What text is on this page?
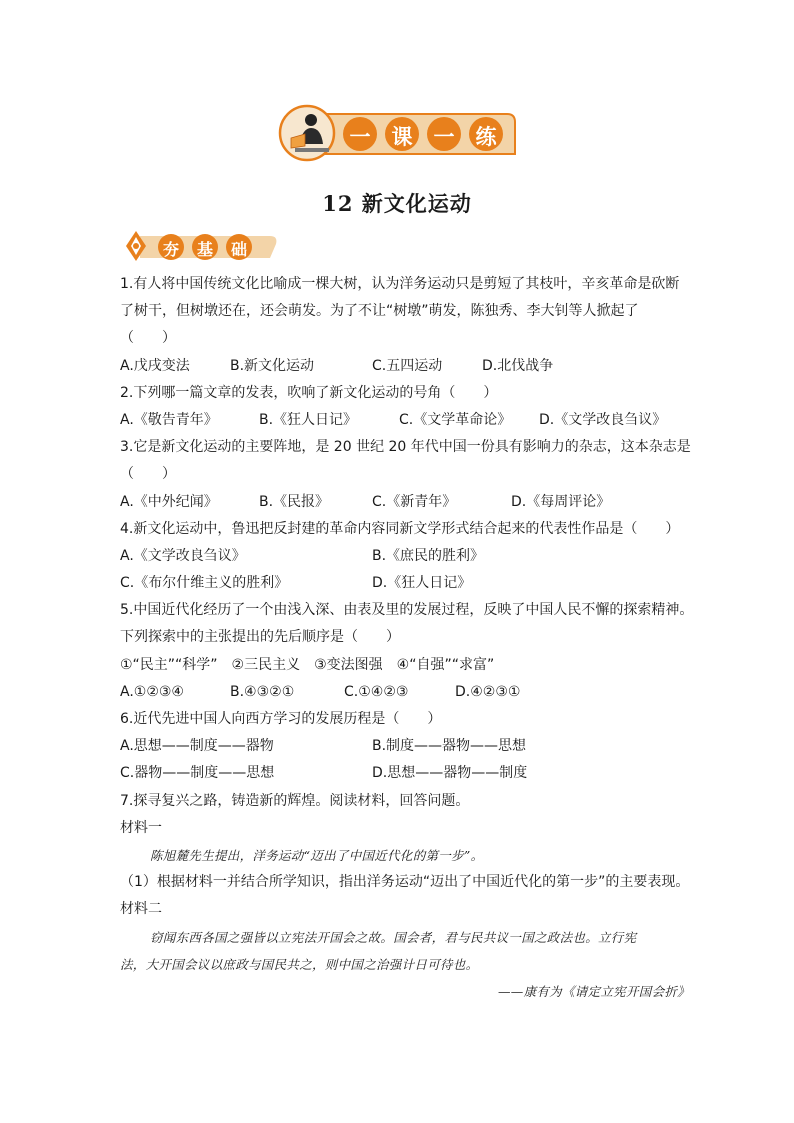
一 课 一 练
12 新文化运动
夯 基 础
1.有人将中国传统文化比喻成一棵大树，认为洋务运动只是剪短了其枝叶，辛亥革命是砍断
了树干，但树墩还在，还会萌发。为了不让“树墩”萌发，陈独秀、李大钊等人掀起了
（　　）
A.戊戌变法	B.新文化运动	C.五四运动	D.北伐战争
2.下列哪一篇文章的发表，吹响了新文化运动的号角（　　）
A.《敬告青年》	B.《狂人日记》	C.《文学革命论》 D.《文学改良刍议》
3.它是新文化运动的主要阵地，是 20 世纪 20 年代中国一份具有影响力的杂志，这本杂志是
（　　）
A.《中外纪闻》	B.《民报》	C.《新青年》	D.《每周评论》
4.新文化运动中，鲁迅把反封建的革命内容同新文学形式结合起来的代表性作品是（　　）
A.《文学改良刍议》	B.《庶民的胜利》
C.《布尔什维主义的胜利》	D.《狂人日记》
5.中国近代化经历了一个由浅入深、由表及里的发展过程，反映了中国人民不懈的探索精神。
下列探索中的主张提出的先后顺序是（　　）
①“民主”“科学”　②三民主义　③变法图强　④“自强”“求富”
A.①②③④	B.④③②①	C.①④②③	D.④②③①
6.近代先进中国人向西方学习的发展历程是（　　）
A.思想——制度——器物	B.制度——器物——思想
C.器物——制度——思想	D.思想——器物——制度
7.探寻复兴之路，铸造新的辉煌。阅读材料，回答问题。
材料一
陈旭麓先生提出，洋务运动“迈出了中国近代化的第一步”。
（1）根据材料一并结合所学知识，指出洋务运动“迈出了中国近代化的第一步”的主要表现。
材料二
窃闻东西各国之强皆以立宪法开国会之故。国会者，君与民共议一国之政法也。立行宪
法，大开国会议以庶政与国民共之，则中国之治强计日可待也。
——康有为《请定立宪开国会折》
